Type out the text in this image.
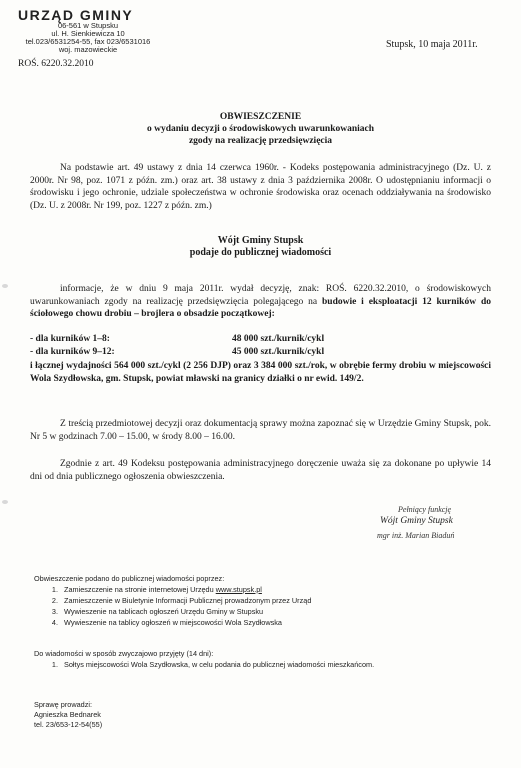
URZĄD GMINY
06-561 w Stupsku
ul. H. Sienkiewicza 10
tel.023/6531254-55, fax 023/6531016
woj. mazowieckie
ROŚ. 6220.32.2010
Stupsk, 10 maja 2011r.
OBWIESZCZENIE
o wydaniu decyzji o środowiskowych uwarunkowaniach
zgody na realizację przedsięwzięcia
Na podstawie art. 49 ustawy z dnia 14 czerwca 1960r. - Kodeks postępowania administracyjnego (Dz. U. z 2000r. Nr 98, poz. 1071 z późn. zm.) oraz art. 38 ustawy z dnia 3 października 2008r. O udostępnianiu informacji o środowisku i jego ochronie, udziale społeczeństwa w ochronie środowiska oraz ocenach oddziaływania na środowisko (Dz. U. z 2008r. Nr 199, poz. 1227 z późn. zm.)
Wójt Gminy Stupsk
podaje do publicznej wiadomości
informacje, że w dniu 9 maja 2011r. wydał decyzję, znak: ROŚ. 6220.32.2010, o środowiskowych uwarunkowaniach zgody na realizację przedsięwzięcia polegającego na budowie i eksploatacji 12 kurników do ściołowego chowu drobiu – brojlera o obsadzie początkowej:
- dla kurników 1–8:	48 000 szt./kurnik/cykl
- dla kurników 9–12:	45 000 szt./kurnik/cykl
i łącznej wydajności 564 000 szt./cykl (2 256 DJP) oraz 3 384 000 szt./rok, w obrębie fermy drobiu w miejscowości Wola Szydłowska, gm. Stupsk, powiat mławski na granicy działki o nr ewid. 149/2.
Z treścią przedmiotowej decyzji oraz dokumentacją sprawy można zapoznać się w Urzędzie Gminy Stupsk, pok. Nr 5 w godzinach 7.00 – 15.00, w środy 8.00 – 16.00.
Zgodnie z art. 49 Kodeksu postępowania administracyjnego doręczenie uważa się za dokonane po upływie 14 dni od dnia publicznego ogłoszenia obwieszczenia.
Pełniący funkcję
Wójt Gminy Stupsk
mgr inż. Marian Biaduń
Obwieszczenie podano do publicznej wiadomości poprzez:
1. Zamieszczenie na stronie internetowej Urzędu www.stupsk.pl
2. Zamieszczenie w Biuletynie Informacji Publicznej prowadzonym przez Urząd
3. Wywieszenie na tablicach ogłoszeń Urzędu Gminy w Stupsku
4. Wywieszenie na tablicy ogłoszeń w miejscowości Wola Szydłowska
Do wiadomości w sposób zwyczajowo przyjęty (14 dni):
1. Sołtys miejscowości Wola Szydłowska, w celu podania do publicznej wiadomości mieszkańcom.
Sprawę prowadzi:
Agnieszka Bednarek
tel. 23/653-12-54(55)
